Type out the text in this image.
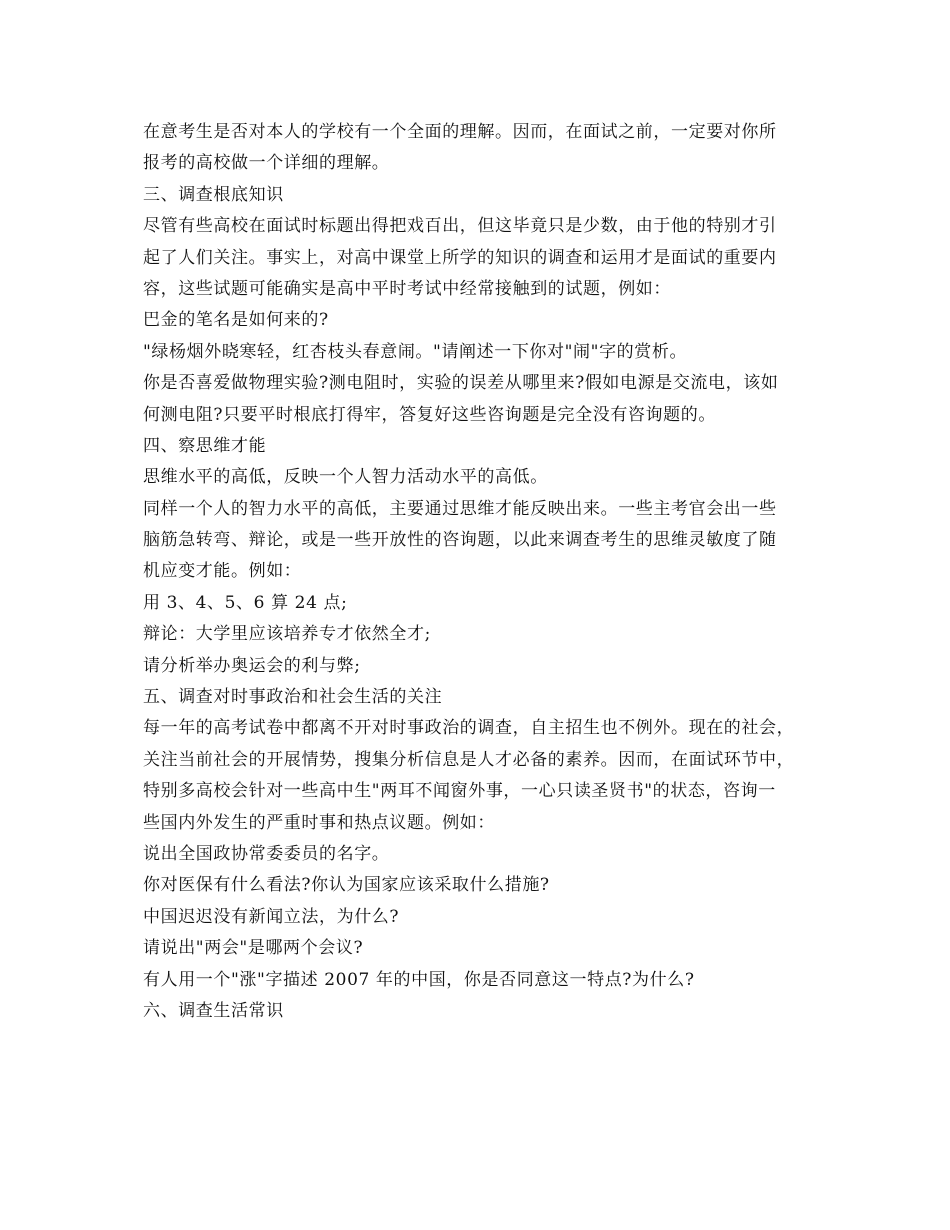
在意考生是否对本人的学校有一个全面的理解。因而，在面试之前，一定要对你所

报考的高校做一个详细的理解。

三、调查根底知识

尽管有些高校在面试时标题出得把戏百出，但这毕竟只是少数，由于他的特别才引

起了人们关注。事实上，对高中课堂上所学的知识的调查和运用才是面试的重要内

容，这些试题可能确实是高中平时考试中经常接触到的试题，例如：

巴金的笔名是如何来的?

"绿杨烟外晓寒轻，红杏枝头春意闹。"请阐述一下你对"闹"字的赏析。

你是否喜爱做物理实验?测电阻时，实验的误差从哪里来?假如电源是交流电，该如

何测电阻?只要平时根底打得牢，答复好这些咨询题是完全没有咨询题的。

四、察思维才能

思维水平的高低，反映一个人智力活动水平的高低。

同样一个人的智力水平的高低，主要通过思维才能反映出来。一些主考官会出一些

脑筋急转弯、辩论，或是一些开放性的咨询题，以此来调查考生的思维灵敏度了随

机应变才能。例如：

用 3、4、5、6 算 24 点;

辩论：大学里应该培养专才依然全才;

请分析举办奥运会的利与弊;

五、调查对时事政治和社会生活的关注

每一年的高考试卷中都离不开对时事政治的调查，自主招生也不例外。现在的社会，

关注当前社会的开展情势，搜集分析信息是人才必备的素养。因而，在面试环节中，

特别多高校会针对一些高中生"两耳不闻窗外事，一心只读圣贤书"的状态，咨询一

些国内外发生的严重时事和热点议题。例如：

说出全国政协常委委员的名字。

你对医保有什么看法?你认为国家应该采取什么措施?

中国迟迟没有新闻立法，为什么?

请说出"两会"是哪两个会议?

有人用一个"涨"字描述 2007 年的中国，你是否同意这一特点?为什么?

六、调查生活常识
